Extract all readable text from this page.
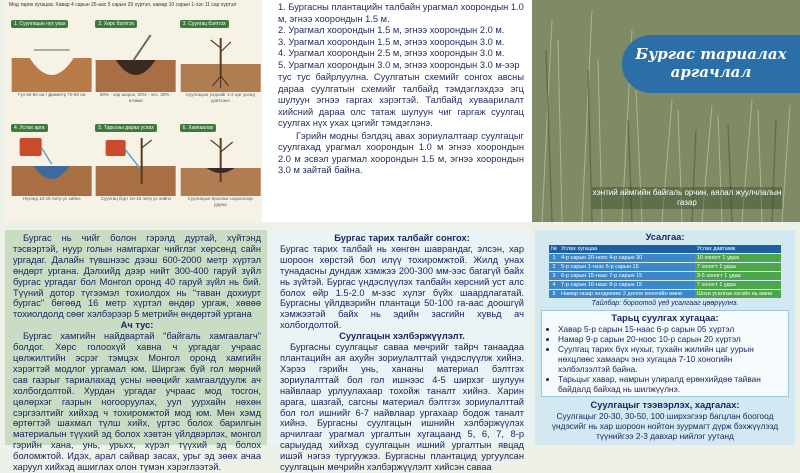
Мод тарих хугацаа: Хавар 4 сарын 25-аас 5 сарын 25 хүртэл, намар 10 сарын 1-ээс 11 сар хүртэл
1. Суулгацын нүх ухах
Гүн 50-60 см / Диаметр 70-80 см
2. Хөрс бэлтгэх
80% - хар шороо, 20% - элс, 30% - ялзмаг
3. Суулгац бэлтгэх
Суулгацын үндсийг 1-2 цаг усанд дэвтээнэ
4. Услах арга
Нүхэнд 10-15 литр ус хийнэ
5. Тарьсны дараа услах
Суулгац бүрт 10-15 литр ус хийнэ
6. Хамгаалах
Суулгацын ёроолыг шороогоор дарна
1. Бургасны плантацийн талбайн урагмал хоорондын 1.0
м, эгнээ хоорондын 1.5 м.
2. Урагмал хоорондын 1.5 м, эгнээ хоорондын 2.0 м.
3. Урагмал хоорондын 1.5 м, эгнээ хоорондын 3.0 м.
4. Урагмал хоорондын 2.5 м, эгнээ хоорондын 3.0 м.
5. Урагмал хоорондын 3.0 м, эгнээ хоорондын 3.0 м-ээр
тус тус байрлуулна. Суулгатын схемийг сонгох авсны дараа суулгатын схемийг талбайд тэмдэглэхдээ эгц шулуун эгнээ гаргах хэрэгтэй. Талбайд хуваарилалт хийсний дараа олс татаж шулуун чиг гаргаж суулгац суулгах нүх ухах цэгийг тэмдэглэнэ.
Гэрийн модны бэлдэц авах зориулалтаар суулгацыг суулгахад урагмал хоорондын 1.0 м эгнээ хоорондын 2.0 м эсвэл урагмал хоорондын 1.5 м, эгнээ хоорондын 3.0 м зайтай байна.
Бургас тариалах аргачлал
хэнтий аймгийн байгаль орчин, аялал жуулчлалын газар
Бургас нь чийг болон гэрэлд дуртай, хүйтэнд тэсвэртэй, нуур голын намгархаг чийглэг хөрсөнд сайн ургадаг. Далайн түвшнээс дээш 600-2000 метр хүртэл өндөрт ургана. Дэлхийд дээр нийт 300-400 гаруй зүйл бургас ургадаг бол Монгол оронд 40 гаруй зүйл нь бий. Түүний дотор түгээмэл тохиолдох нь "таван дохиурт бургас" бөгөөд 16 метр хүртэл өндөр ургаж, хөвөө тохиолдолд сөөг хэлбэрээр 5 метрийн өндөртэй ургана
Ач тус:
Бургас хамгийн найдвартай "байгаль хамгаалагч" болдог. Хөрс голоохүй хавна ч ургадаг учраас цөлжилтийн эсрэг тэмцэх Монгол оронд хамгийн хэрэгтэй модлог ургамал юм. Ширгэж буй гол мөрний сав газрыг тариалахад усны нөөцийг хамгаалдуулж ач холбогдолтой. Хурдан ургадаг учраас мод тосгон, цөлөрхэг газрын ногооруулах, уул уурхайн нөхөн сэргээлтийг хийхэд ч тохиромжтой мод юм. Мөн хэмд өртөгтэй шахмал түлш хийх, үртэс болох барилгын материалын түүхий эд болох хэвтэн үйлдвэрлэх, монгол гэрийн хана, унь, урьхх, хүрэл түүхий эд болох боломжтой. Идэх, арал сайвар засах, урьг эд зөөх ачаа харуул хийхэд ашиглах олон түмэн хэрэглээтэй.
Бургас тарих талбайг сонгох:
Бургас тарих талбай нь хөнгөн шаврандаг, элсэн, хар шороон хөрстэй бол илүү тохиромжтой. Жилд унах тунадасны дундаж хэмжээ 200-300 мм-ээс багагүй байх нь зүйтэй. Бургас үндэслүүлэх талбайн хөрсний уст алс болох өйр 1.5-2.0 м-ээс хүлэг бүйх шаардлагатай. Бургасны үйлдвэрийн плантаци 50-100 га-аас доошгүй хэмжээтэй байх нь эдийн засгийн хувьд ач холбогдолтой.
Суулгацын хэлбэржүүлэлт.
Бургасны суулгацыг саваа мөчрийг тайрч танаадаа плантацийн ая ахуйн зориулалттай үндэслүүлж хийнэ. Хэрээ гэрийн унь, хананы материал бэлтгэх зориулалттай бол гол ишнээс 4-5 ширхэг шулуун найвлаар урлуулахаар тохойж таналт хийнэ. Харин арага, шазгай, сагсны материал бэлтгэх зориулалттай бол гол ишнийг 6-7 найвлаар ургахаар бодож таналт хийнэ. Бургасны суулгацын ишнийн хэлбэржүүлэх арчилгааг урагмал ургалтын хугацаанд 5, 6, 7, 8-р сарыудад хийхэд суулгацын ишний ургалтын явцад ишэй нэгээ тургуужээ. Бургасны плантацид ургуулсан суулгацын мөчрийн хэлбэржүүлэлт хийсэн саваа
Усалгаа:
№	Услах хугацаа	Услах давтамж
1	4-р сарын 20-ноос 4-р сарын 30	10 хоногт 1 удаа
2	5-р сарын 1-нээс 6-р сарын 15	7 хоногт 1 удаа
3	6-р сарын 15-наас 7-р сарын 15	3-5 хоногт 1 удаа
4	7-р сарын 16-наас 8-р сарын 15	7 хоногт 1 удаа
5	Намар газар хөлдөхөөс 2 долоо хоногийн өмнө	Шохи усалгаа нэгэйн нь өмнө
Тайлбар: бороотой үед усалгааг цөөрүүлнэ.
Тарьц суулгах хугацаа:
• Хавар 5-р сарын 15-наас 6-р сарын 05 хүртэл
• Намар 9-р сарын 20-ноос 10-р сарын 20 хүртэл
• Суулгац тарих бүх нүхыг, тухайн жилийн цаг уурын нөхцлөөс хамаарч энэ хугацаа 7-10 хоногийн хэлбэлзэлтэй байна.
• Тарьцыг хавар, намрын улиралд ерөнхийдөө тайван байдалд байхад нь шилжүүлнэ.
Суулгацыг тээвэрлэх, хадгалах:
Суулгацыг 20-30, 30-50, 100 ширхэгээр багцлан боогоод үндэсийг нь хар шороон нойтон зуурмагт дүрж бэхжүүлэзд түүнийгээ 2-3 давхар нийлэг уутанд
